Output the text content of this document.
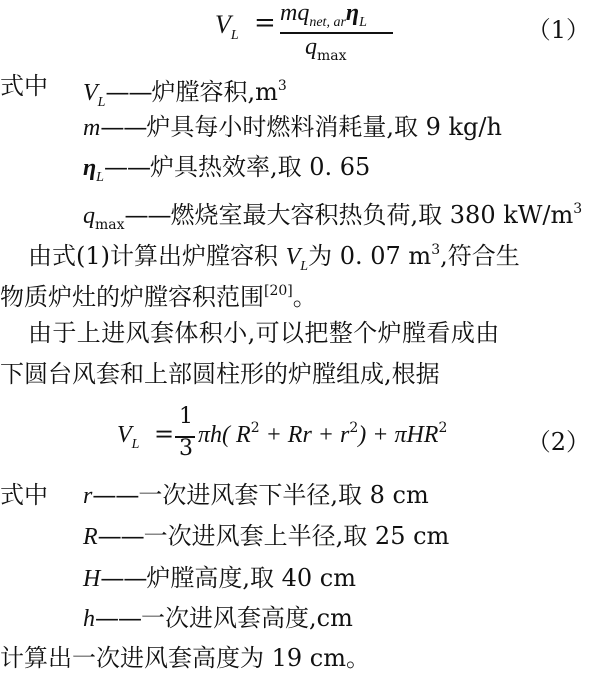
$V_L = mq_{net, ar}\eta_L$
$q_{max}$
（1）
式中 $V_L——$炉膛容积$,m^3$
m——炉具每小时燃料消耗量,取 9 kg/h
$\eta_L——$炉具热效率,取 0. 65
$q_{max}——$燃烧室最大容积热负荷,取 380 $kW/m^3$
由式(1)计算出炉膛容积 $V_L$为 0. 07 $m^3$,符合生
物质炉灶的炉膛容积范围[20]。
由于上进风套体积小,可以把整个炉膛看成由
下圆台风套和上部圆柱形的炉膛组成,根据
$V_L$ =
1
3
πh( $R^2 + Rr + r^2) + \pi HR^2$	（2）
式中 r——一次进风套下半径,取 8 cm
R——一次进风套上半径,取 25 cm
H——炉膛高度,取 40 cm
h——一次进风套高度,cm
计算出一次进风套高度为 19 cm。
